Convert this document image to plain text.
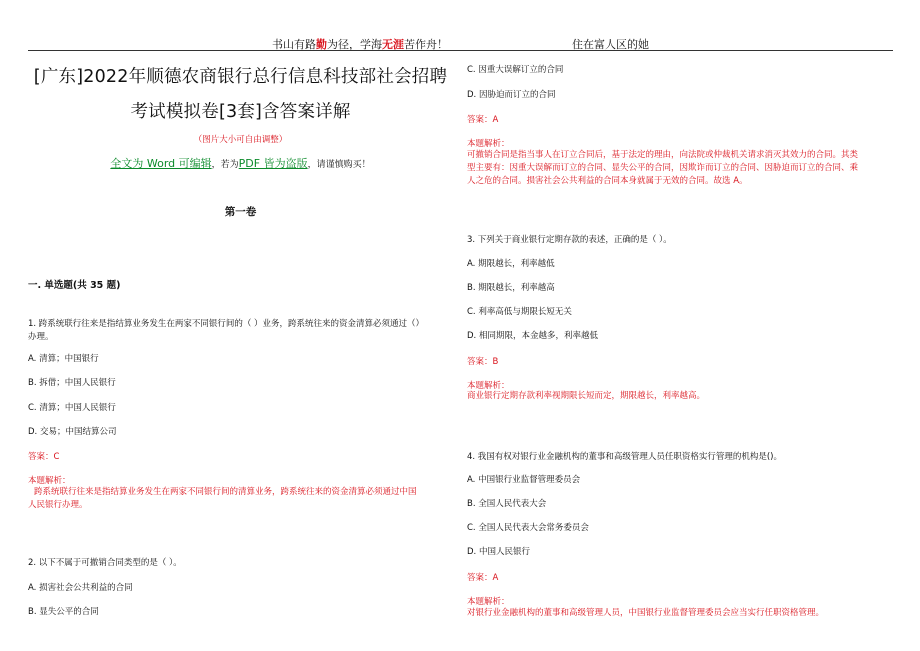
书山有路勤为径，学海无涯苦作舟！	住在富人区的她
[广东]2022年顺德农商银行总行信息科技部社会招聘
考试模拟卷[3套]含答案详解
（图片大小可自由调整）
全文为 Word 可编辑，若为PDF 皆为盗版，请谨慎购买！
第一卷
一. 单选题(共 35 题)
1. 跨系统联行往来是指结算业务发生在两家不同银行间的（ ）业务，跨系统往来的资金清算必须通过（）
办理。
A. 清算；中国银行
B. 拆借；中国人民银行
C. 清算；中国人民银行
D. 交易；中国结算公司
答案：C
本题解析：
跨系统联行往来是指结算业务发生在两家不同银行间的清算业务，跨系统往来的资金清算必须通过中国
人民银行办理。
2. 以下不属于可撤销合同类型的是（ ）。
A. 损害社会公共利益的合同
B. 显失公平的合同
C. 因重大误解订立的合同
D. 因胁迫而订立的合同
答案：A
本题解析：
可撤销合同是指当事人在订立合同后，基于法定的理由，向法院或仲裁机关请求消灭其效力的合同。其类
型主要有：因重大误解而订立的合同、显失公平的合同，因欺诈而订立的合同、因胁迫而订立的合同、乘
人之危的合同。损害社会公共利益的合同本身就属于无效的合同。故选 A。
3. 下列关于商业银行定期存款的表述，正确的是（ ）。
A. 期限越长，利率越低
B. 期限越长，利率越高
C. 利率高低与期限长短无关
D. 相同期限，本金越多，利率越低
答案：B
本题解析：
商业银行定期存款利率视期限长短而定，期限越长，利率越高。
4. 我国有权对银行业金融机构的董事和高级管理人员任职资格实行管理的机构是()。
A. 中国银行业监督管理委员会
B. 全国人民代表大会
C. 全国人民代表大会常务委员会
D. 中国人民银行
答案：A
本题解析：
对银行业金融机构的董事和高级管理人员，中国银行业监督管理委员会应当实行任职资格管理。
